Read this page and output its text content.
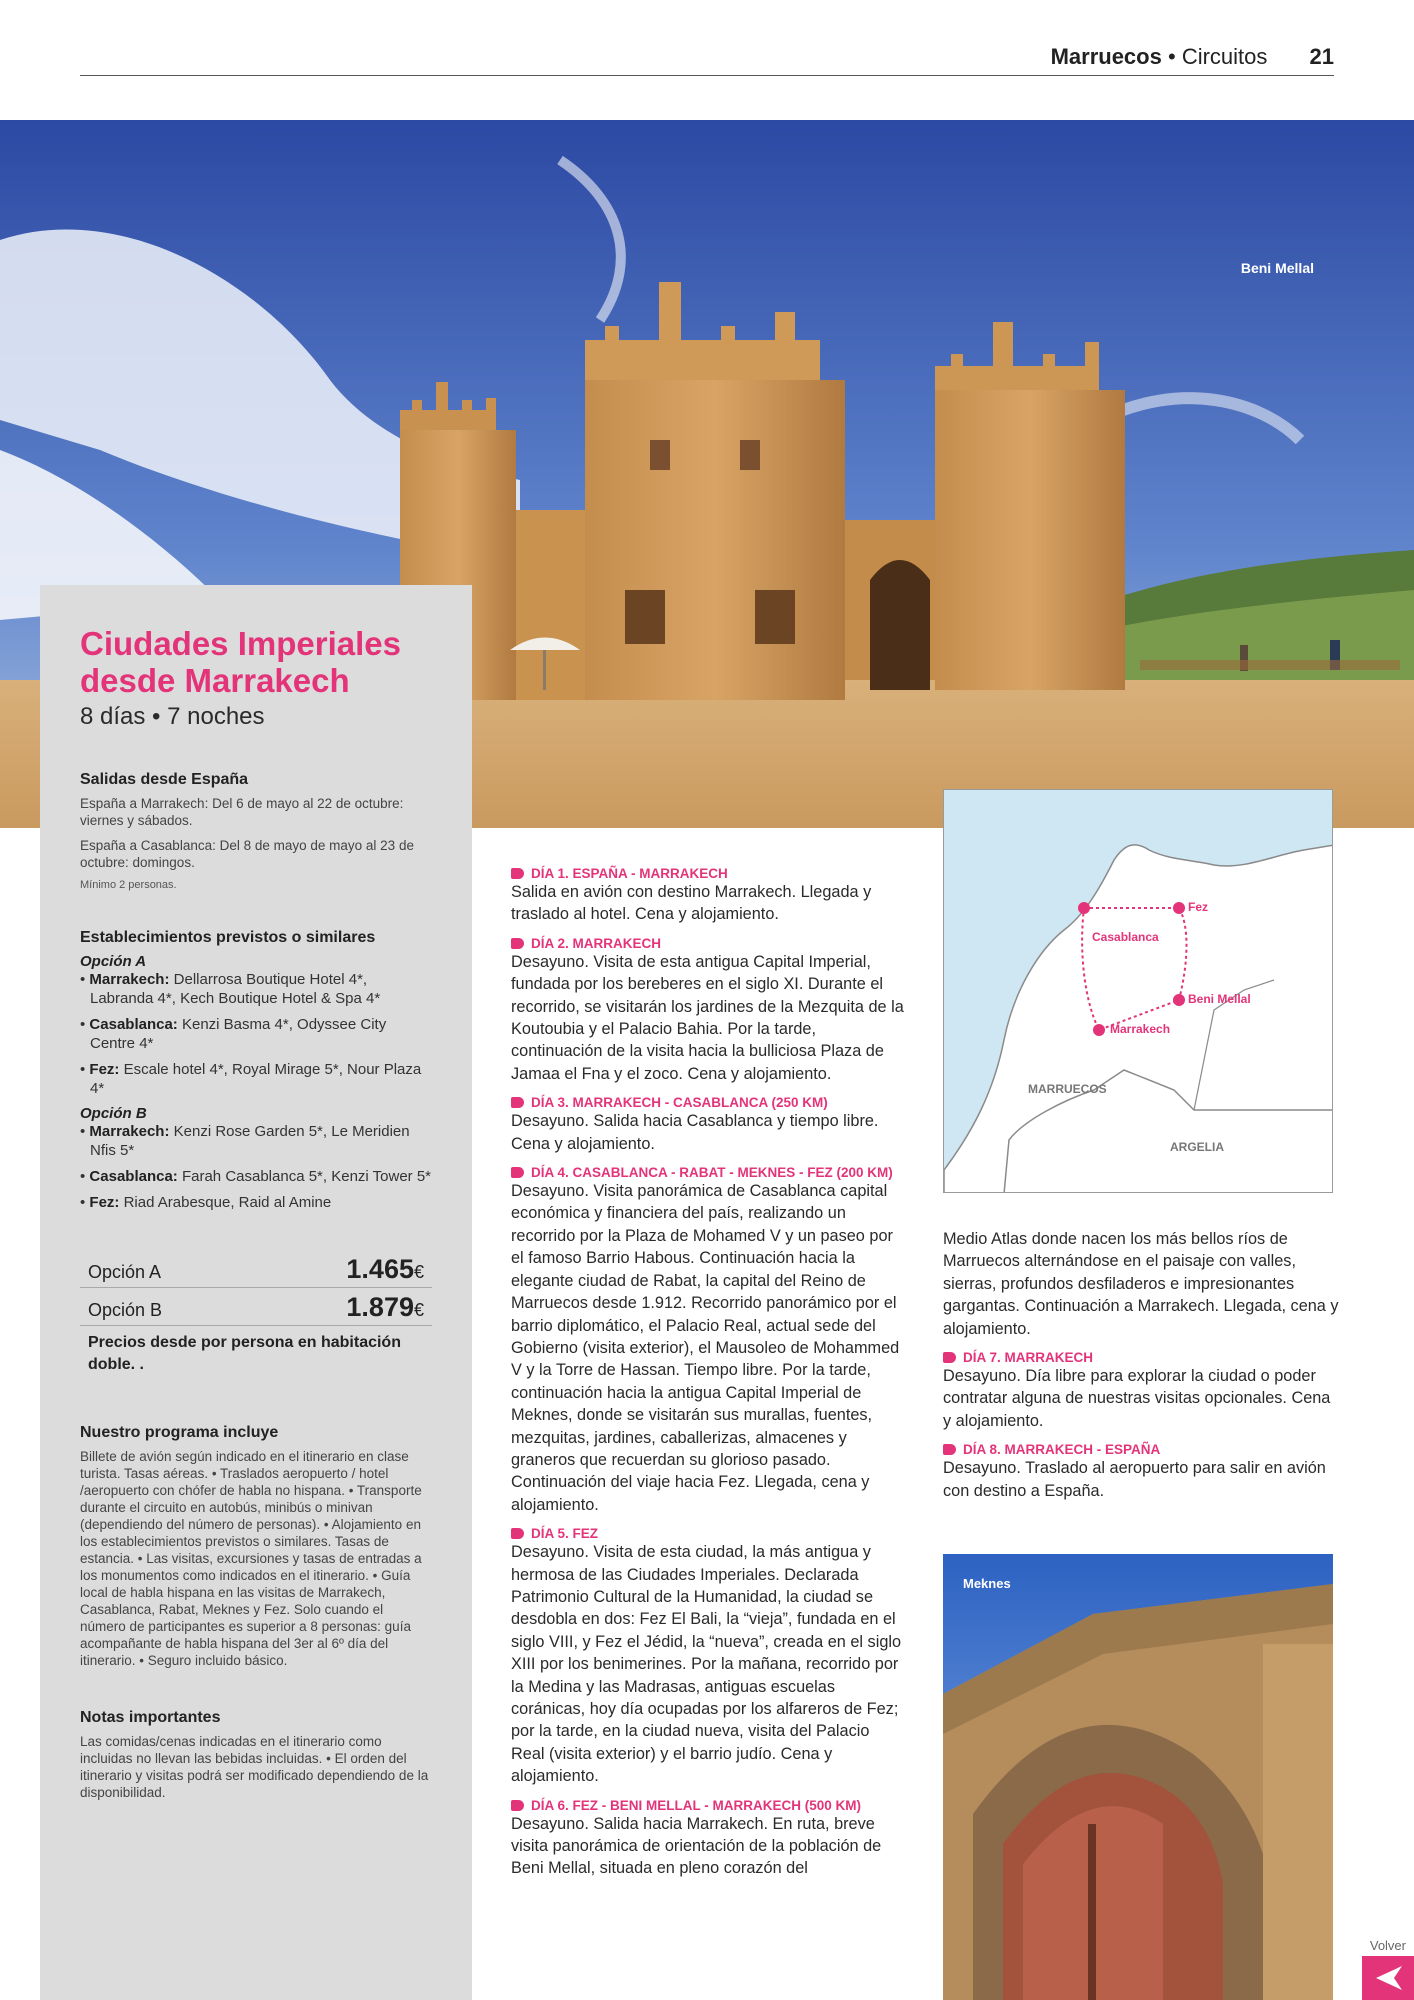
Marruecos • Circuitos 21
Beni Mellal
Ciudades Imperiales
desde Marrakech
8 días • 7 noches
Salidas desde España
España a Marrakech: Del 6 de mayo al 22 de octubre: viernes y sábados.
España a Casablanca: Del 8 de mayo de mayo al 23 de octubre: domingos.
Mínimo 2 personas.
Establecimientos previstos o similares
Opción A
• Marrakech: Dellarrosa Boutique Hotel 4*, Labranda 4*, Kech Boutique Hotel & Spa 4*
• Casablanca: Kenzi Basma 4*, Odyssee City Centre 4*
• Fez: Escale hotel 4*, Royal Mirage 5*, Nour Plaza 4*
Opción B
• Marrakech: Kenzi Rose Garden 5*, Le Meridien Nfis 5*
• Casablanca: Farah Casablanca 5*, Kenzi Tower 5*
• Fez: Riad Arabesque, Raid al Amine
Opción A	1.465€
Opción B	1.879€
Precios desde por persona en habitación doble. .
Nuestro programa incluye
Billete de avión según indicado en el itinerario en clase turista. Tasas aéreas. • Traslados aeropuerto / hotel /aeropuerto con chófer de habla no hispana. • Transporte durante el circuito en autobús, minibús o minivan (dependiendo del número de personas). • Alojamiento en los establecimientos previstos o similares. Tasas de estancia. • Las visitas, excursiones y tasas de entradas a los monumentos como indicados en el itinerario. • Guía local de habla hispana en las visitas de Marrakech, Casablanca, Rabat, Meknes y Fez. Solo cuando el número de participantes es superior a 8 personas: guía acompañante de habla hispana del 3er al 6º día del itinerario. • Seguro incluido básico.
Notas importantes
Las comidas/cenas indicadas en el itinerario como incluidas no llevan las bebidas incluidas. • El orden del itinerario y visitas podrá ser modificado dependiendo de la disponibilidad.
DÍA 1. ESPAÑA - MARRAKECH
Salida en avión con destino Marrakech. Llegada y traslado al hotel. Cena y alojamiento.
DÍA 2. MARRAKECH
Desayuno. Visita de esta antigua Capital Imperial, fundada por los bereberes en el siglo XI. Durante el recorrido, se visitarán los jardines de la Mezquita de la Koutoubia y el Palacio Bahia. Por la tarde, continuación de la visita hacia la bulliciosa Plaza de Jamaa el Fna y el zoco. Cena y alojamiento.
DÍA 3. MARRAKECH - CASABLANCA (250 KM)
Desayuno. Salida hacia Casablanca y tiempo libre. Cena y alojamiento.
DÍA 4. CASABLANCA - RABAT - MEKNES - FEZ (200 KM)
Desayuno. Visita panorámica de Casablanca capital económica y financiera del país, realizando un recorrido por la Plaza de Mohamed V y un paseo por el famoso Barrio Habous. Continuación hacia la elegante ciudad de Rabat, la capital del Reino de Marruecos desde 1.912. Recorrido panorámico por el barrio diplomático, el Palacio Real, actual sede del Gobierno (visita exterior), el Mausoleo de Mohammed V y la Torre de Hassan. Tiempo libre. Por la tarde, continuación hacia la antigua Capital Imperial de Meknes, donde se visitarán sus murallas, fuentes, mezquitas, jardines, caballerizas, almacenes y graneros que recuerdan su glorioso pasado. Continuación del viaje hacia Fez. Llegada, cena y alojamiento.
DÍA 5. FEZ
Desayuno. Visita de esta ciudad, la más antigua y hermosa de las Ciudades Imperiales. Declarada Patrimonio Cultural de la Humanidad, la ciudad se desdobla en dos: Fez El Bali, la “vieja”, fundada en el siglo VIII, y Fez el Jédid, la “nueva”, creada en el siglo XIII por los benimerines. Por la mañana, recorrido por la Medina y las Madrasas, antiguas escuelas coránicas, hoy día ocupadas por los alfareros de Fez; por la tarde, en la ciudad nueva, visita del Palacio Real (visita exterior) y el barrio judío. Cena y alojamiento.
DÍA 6. FEZ - BENI MELLAL - MARRAKECH (500 KM)
Desayuno. Salida hacia Marrakech. En ruta, breve visita panorámica de orientación de la población de Beni Mellal, situada en pleno corazón del
Fez
Casablanca
Beni Mellal
Marrakech
MARRUECOS
ARGELIA
Medio Atlas donde nacen los más bellos ríos de Marruecos alternándose en el paisaje con valles, sierras, profundos desfiladeros e impresionantes gargantas. Continuación a Marrakech. Llegada, cena y alojamiento.
DÍA 7. MARRAKECH
Desayuno. Día libre para explorar la ciudad o poder contratar alguna de nuestras visitas opcionales. Cena y alojamiento.
DÍA 8. MARRAKECH - ESPAÑA
Desayuno. Traslado al aeropuerto para salir en avión con destino a España.
Meknes
Volver
